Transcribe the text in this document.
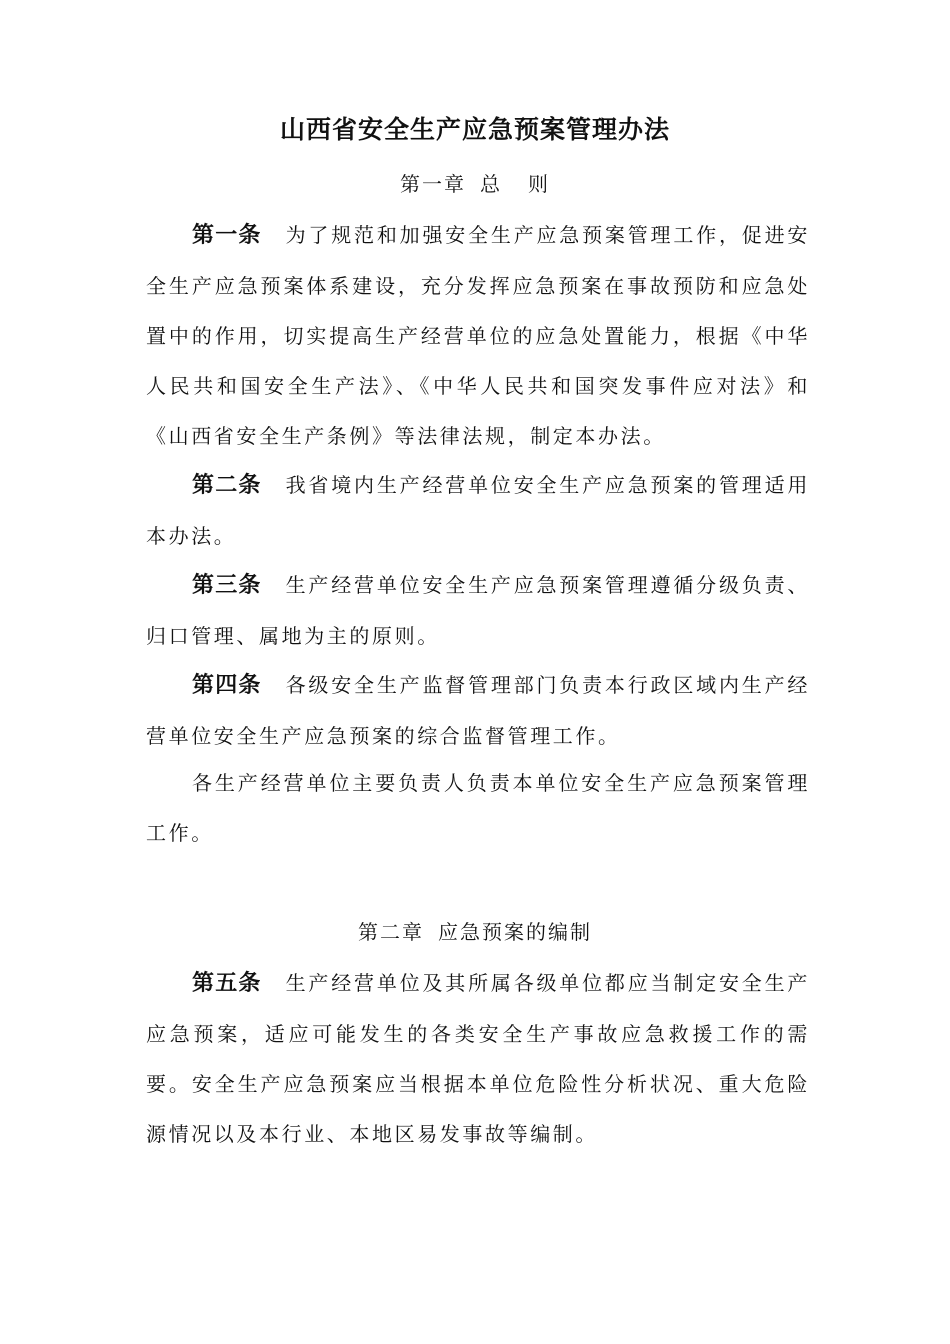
山西省安全生产应急预案管理办法
第一章 总 则

第一条 为了规范和加强安全生产应急预案管理工作，促进安全生产应急预案体系建设，充分发挥应急预案在事故预防和应急处置中的作用，切实提高生产经营单位的应急处置能力，根据《中华人民共和国安全生产法》、《中华人民共和国突发事件应对法》和《山西省安全生产条例》等法律法规，制定本办法。

第二条 我省境内生产经营单位安全生产应急预案的管理适用本办法。

第三条 生产经营单位安全生产应急预案管理遵循分级负责、归口管理、属地为主的原则。

第四条 各级安全生产监督管理部门负责本行政区域内生产经营单位安全生产应急预案的综合监督管理工作。

各生产经营单位主要负责人负责本单位安全生产应急预案管理工作。

第二章 应急预案的编制

第五条 生产经营单位及其所属各级单位都应当制定安全生产应急预案，适应可能发生的各类安全生产事故应急救援工作的需要。安全生产应急预案应当根据本单位危险性分析状况、重大危险源情况以及本行业、本地区易发事故等编制。
